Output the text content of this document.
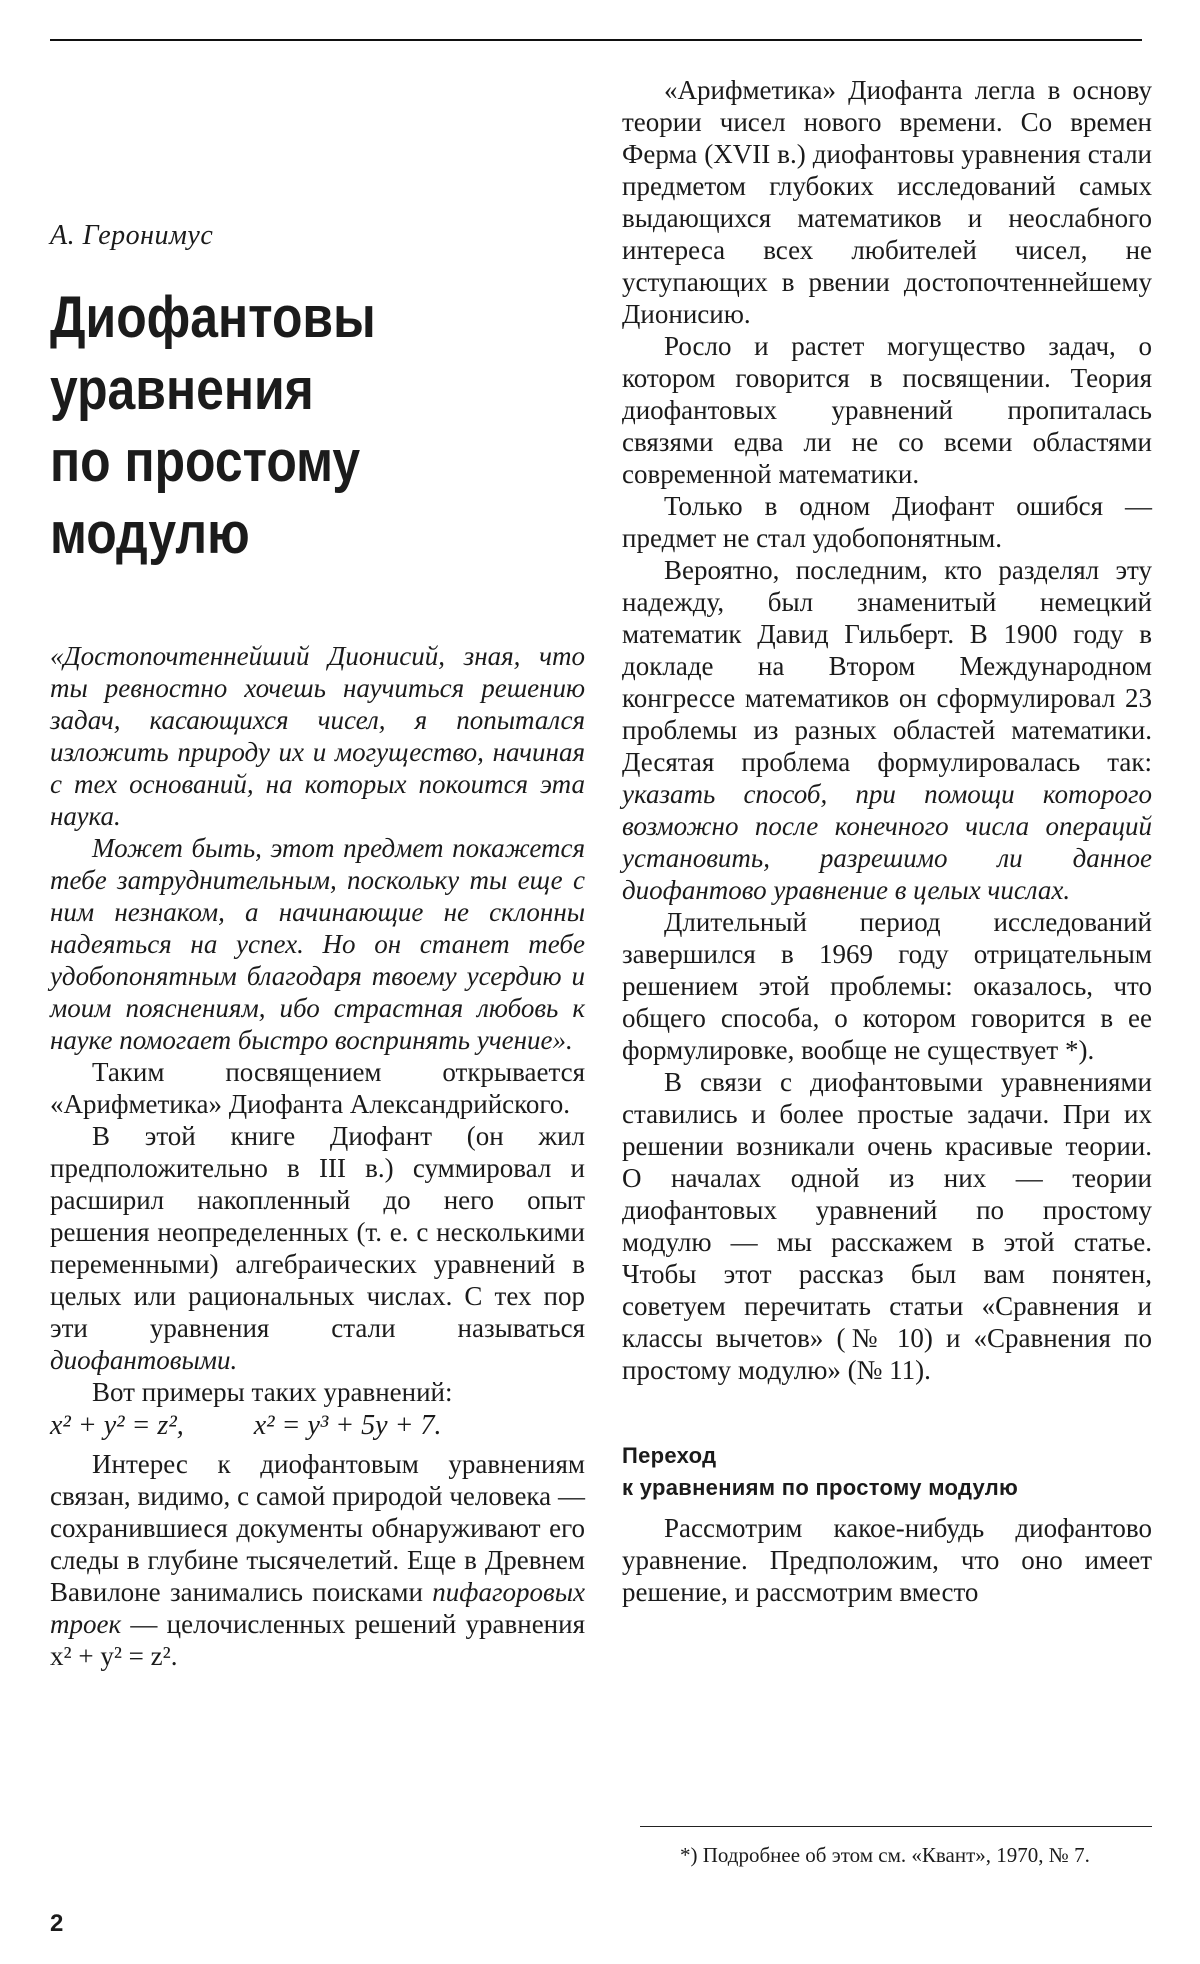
А. Геронимус
Диофантовы
уравнения
по простому
модулю

«Достопочтеннейший Дионисий, зная, что ты ревностно хочешь научиться решению задач, касающихся чисел, я попытался изложить природу их и могущество, начиная с тех оснований, на которых покоится эта наука.

Может быть, этот предмет покажется тебе затруднительным, поскольку ты еще с ним незнаком, а начинающие не склонны надеяться на успех. Но он станет тебе удобопонятным благодаря твоему усердию и моим пояснениям, ибо страстная любовь к науке помогает быстро воспринять учение».

Таким посвящением открывается «Арифметика» Диофанта Александрийского.

В этой книге Диофант (он жил предположительно в III в.) суммировал и расширил накопленный до него опыт решения неопределенных (т. е. с несколькими переменными) алгебраических уравнений в целых или рациональных числах. С тех пор эти уравнения стали называться диофантовыми.

Вот примеры таких уравнений:

x² + y² = z²,	x² = y³ + 5y + 7.

Интерес к диофантовым уравнениям связан, видимо, с самой природой человека — сохранившиеся документы обнаруживают его следы в глубине тысячелетий. Еще в Древнем Вавилоне занимались поисками пифагоровых троек — целочисленных решений уравнения x² + y² = z².

«Арифметика» Диофанта легла в основу теории чисел нового времени. Со времен Ферма (XVII в.) диофантовы уравнения стали предметом глубоких исследований самых выдающихся математиков и неослабного интереса всех любителей чисел, не уступающих в рвении достопочтеннейшему Дионисию.

Росло и растет могущество задач, о котором говорится в посвящении. Теория диофантовых уравнений пропиталась связями едва ли не со всеми областями современной математики.

Только в одном Диофант ошибся — предмет не стал удобопонятным.

Вероятно, последним, кто разделял эту надежду, был знаменитый немецкий математик Давид Гильберт. В 1900 году в докладе на Втором Международном конгрессе математиков он сформулировал 23 проблемы из разных областей математики. Десятая проблема формулировалась так: указать способ, при помощи которого возможно после конечного числа операций установить, разрешимо ли данное диофантово уравнение в целых числах.

Длительный период исследований завершился в 1969 году отрицательным решением этой проблемы: оказалось, что общего способа, о котором говорится в ее формулировке, вообще не существует *).

В связи с диофантовыми уравнениями ставились и более простые задачи. При их решении возникали очень красивые теории. О началах одной из них — теории диофантовых уравнений по простому модулю — мы расскажем в этой статье. Чтобы этот рассказ был вам понятен, советуем перечитать статьи «Сравнения и классы вычетов» (№ 10) и «Сравнения по простому модулю» (№ 11).

Переход
к уравнениям по простому модулю

Рассмотрим какое-нибудь диофантово уравнение. Предположим, что оно имеет решение, и рассмотрим вместо

*) Подробнее об этом см. «Квант», 1970, № 7.
2
